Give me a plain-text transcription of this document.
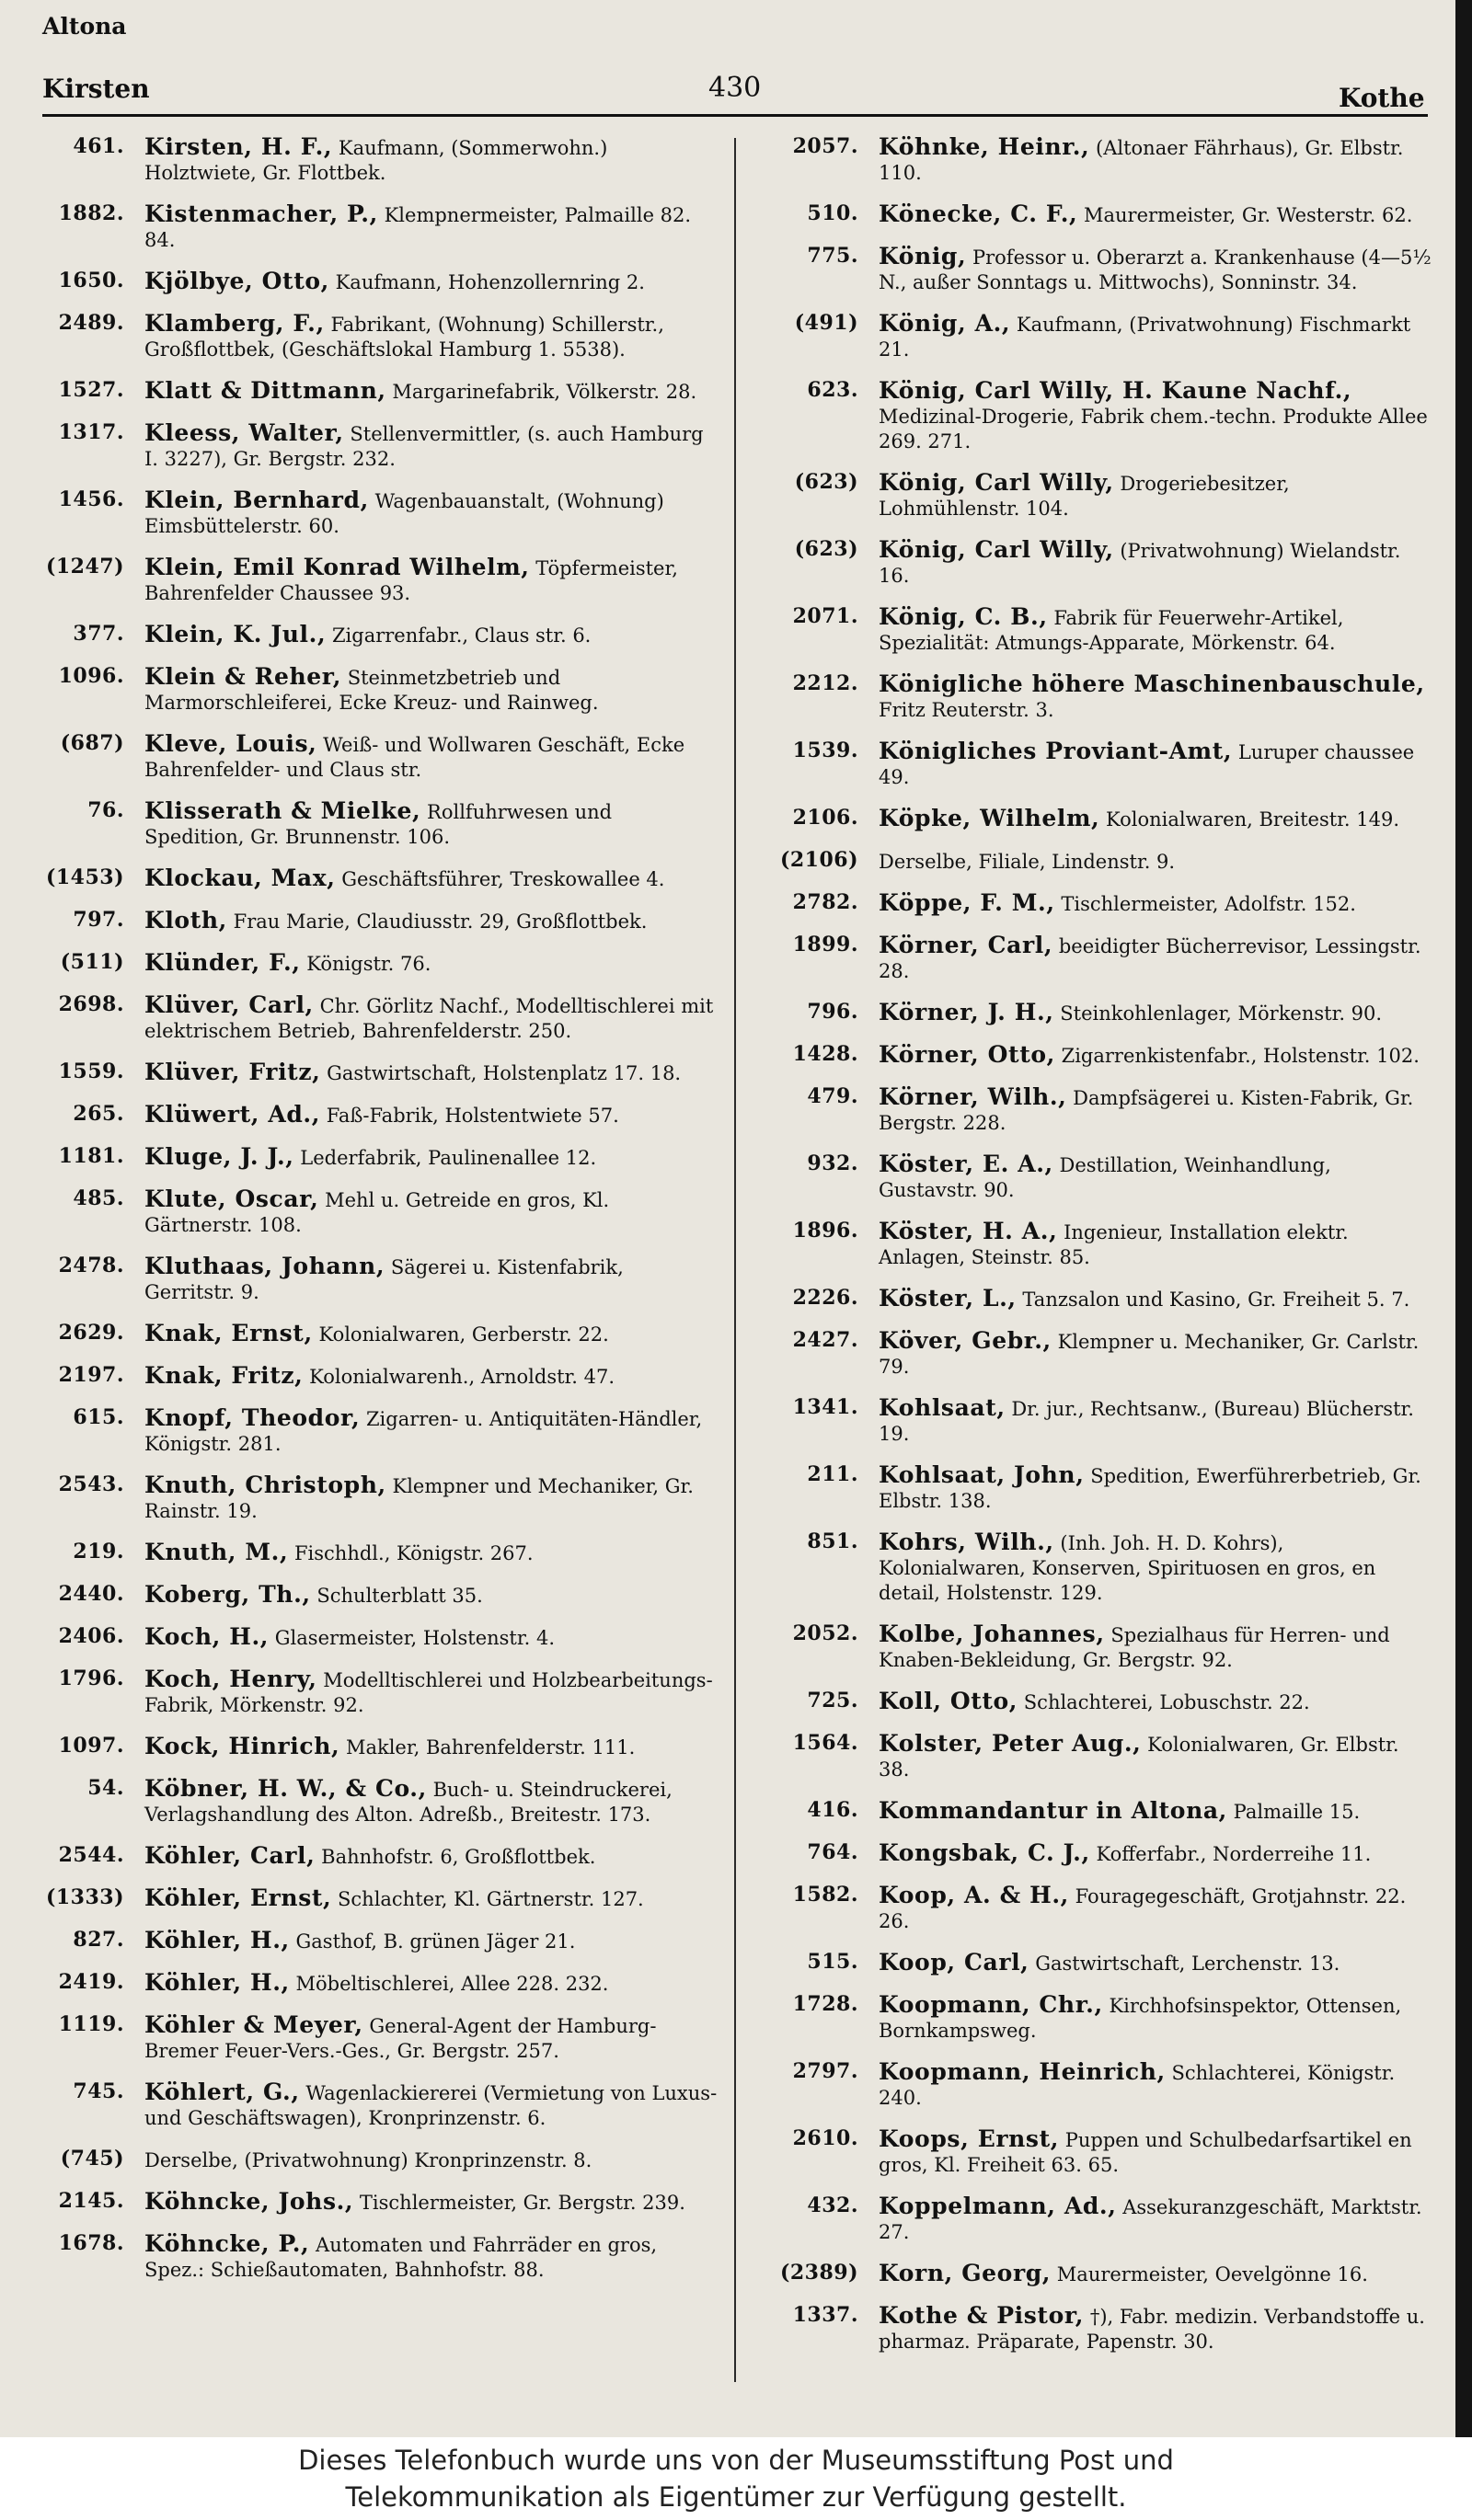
Altona
Kirsten	430	Kothe
461. Kirsten, H. F., Kaufmann, (Sommerwohn.) Holztwiete, Gr. Flottbek.
1882. Kistenmacher, P., Klempnermeister, Palmaille 82. 84.
1650. Kjölbye, Otto, Kaufmann, Hohenzollernring 2.
2489. Klamberg, F., Fabrikant, (Wohnung) Schillerstr., Großflottbek, (Geschäftslokal Hamburg 1. 5538).
1527. Klatt & Dittmann, Margarinefabrik, Völkerstr. 28.
1317. Kleess, Walter, Stellenvermittler, (s. auch Hamburg I. 3227), Gr. Bergstr. 232.
1456. Klein, Bernhard, Wagenbauanstalt, (Wohnung) Eimsbüttelerstr. 60.
(1247) Klein, Emil Konrad Wilhelm, Töpfermeister, Bahrenfelder Chaussee 93.
377. Klein, K. Jul., Zigarrenfabr., Claus str. 6.
1096. Klein & Reher, Steinmetzbetrieb und Marmorschleiferei, Ecke Kreuz- und Rainweg.
(687) Kleve, Louis, Weiß- und Wollwaren Geschäft, Ecke Bahrenfelder- und Claus str.
76. Klisserath & Mielke, Rollfuhrwesen und Spedition, Gr. Brunnenstr. 106.
(1453) Klockau, Max, Geschäftsführer, Treskowallee 4.
797. Kloth, Frau Marie, Claudiusstr. 29, Großflottbek.
(511) Klünder, F., Königstr. 76.
2698. Klüver, Carl, Chr. Görlitz Nachf., Modelltischlerei mit elektrischem Betrieb, Bahrenfelderstr. 250.
1559. Klüver, Fritz, Gastwirtschaft, Holstenplatz 17. 18.
265. Klüwert, Ad., Faß-Fabrik, Holstentwiete 57.
1181. Kluge, J. J., Lederfabrik, Paulinenallee 12.
485. Klute, Oscar, Mehl u. Getreide en gros, Kl. Gärtnerstr. 108.
2478. Kluthaas, Johann, Sägerei u. Kistenfabrik, Gerritstr. 9.
2629. Knak, Ernst, Kolonialwaren, Gerberstr. 22.
2197. Knak, Fritz, Kolonialwarenh., Arnoldstr. 47.
615. Knopf, Theodor, Zigarren- u. Antiquitäten-Händler, Königstr. 281.
2543. Knuth, Christoph, Klempner und Mechaniker, Gr. Rainstr. 19.
219. Knuth, M., Fischhdl., Königstr. 267.
2440. Koberg, Th., Schulterblatt 35.
2406. Koch, H., Glasermeister, Holstenstr. 4.
1796. Koch, Henry, Modelltischlerei und Holzbearbeitungs-Fabrik, Mörkenstr. 92.
1097. Kock, Hinrich, Makler, Bahrenfelderstr. 111.
54. Köbner, H. W., & Co., Buch- u. Steindruckerei, Verlagshandlung des Alton. Adreßb., Breitestr. 173.
2544. Köhler, Carl, Bahnhofstr. 6, Großflottbek.
(1333) Köhler, Ernst, Schlachter, Kl. Gärtnerstr. 127.
827. Köhler, H., Gasthof, B. grünen Jäger 21.
2419. Köhler, H., Möbeltischlerei, Allee 228. 232.
1119. Köhler & Meyer, General-Agent der Hamburg-Bremer Feuer-Vers.-Ges., Gr. Bergstr. 257.
745. Köhlert, G., Wagenlackiererei (Vermietung von Luxus- und Geschäftswagen), Kronprinzenstr. 6.
(745)	Derselbe, (Privatwohnung) Kronprinzenstr. 8.
2145. Köhncke, Johs., Tischlermeister, Gr. Bergstr. 239.
1678. Köhncke, P., Automaten und Fahrräder en gros, Spez.: Schießautomaten, Bahnhofstr. 88.
2057. Köhnke, Heinr., (Altonaer Fährhaus), Gr. Elbstr. 110.
510. Könecke, C. F., Maurermeister, Gr. Westerstr. 62.
775. König, Professor u. Oberarzt a. Krankenhause (4—5½ N., außer Sonntags u. Mittwochs), Sonninstr. 34.
(491) König, A., Kaufmann, (Privatwohnung) Fischmarkt 21.
623. König, Carl Willy, H. Kaune Nachf., Medizinal-Drogerie, Fabrik chem.-techn. Produkte Allee 269. 271.
(623) König, Carl Willy, Drogeriebesitzer, Lohmühlenstr. 104.
(623) König, Carl Willy, (Privatwohnung) Wielandstr. 16.
2071. König, C. B., Fabrik für Feuerwehr-Artikel, Spezialität: Atmungs-Apparate, Mörkenstr. 64.
2212. Königliche höhere Maschinenbauschule, Fritz Reuterstr. 3.
1539. Königliches Proviant-Amt, Luruper chaussee 49.
2106. Köpke, Wilhelm, Kolonialwaren, Breitestr. 149.
(2106)	Derselbe, Filiale, Lindenstr. 9.
2782. Köppe, F. M., Tischlermeister, Adolfstr. 152.
1899. Körner, Carl, beeidigter Bücherrevisor, Lessingstr. 28.
796. Körner, J. H., Steinkohlenlager, Mörkenstr. 90.
1428. Körner, Otto, Zigarrenkistenfabr., Holstenstr. 102.
479. Körner, Wilh., Dampfsägerei u. Kisten-Fabrik, Gr. Bergstr. 228.
932. Köster, E. A., Destillation, Weinhandlung, Gustavstr. 90.
1896. Köster, H. A., Ingenieur, Installation elektr. Anlagen, Steinstr. 85.
2226. Köster, L., Tanzsalon und Kasino, Gr. Freiheit 5. 7.
2427. Köver, Gebr., Klempner u. Mechaniker, Gr. Carlstr. 79.
1341. Kohlsaat, Dr. jur., Rechtsanw., (Bureau) Blücherstr. 19.
211. Kohlsaat, John, Spedition, Ewerführerbetrieb, Gr. Elbstr. 138.
851. Kohrs, Wilh., (Inh. Joh. H. D. Kohrs), Kolonialwaren, Konserven, Spirituosen en gros, en detail, Holstenstr. 129.
2052. Kolbe, Johannes, Spezialhaus für Herren- und Knaben-Bekleidung, Gr. Bergstr. 92.
725. Koll, Otto, Schlachterei, Lobuschstr. 22.
1564. Kolster, Peter Aug., Kolonialwaren, Gr. Elbstr. 38.
416. Kommandantur in Altona, Palmaille 15.
764. Kongsbak, C. J., Kofferfabr., Norderreihe 11.
1582. Koop, A. & H., Fouragegeschäft, Grotjahnstr. 22. 26.
515. Koop, Carl, Gastwirtschaft, Lerchenstr. 13.
1728. Koopmann, Chr., Kirchhofsinspektor, Ottensen, Bornkampsweg.
2797. Koopmann, Heinrich, Schlachterei, Königstr. 240.
2610. Koops, Ernst, Puppen und Schulbedarfsartikel en gros, Kl. Freiheit 63. 65.
432. Koppelmann, Ad., Assekuranzgeschäft, Marktstr. 27.
(2389) Korn, Georg, Maurermeister, Oevelgönne 16.
1337. Kothe & Pistor, †), Fabr. medizin. Verbandstoffe u. pharmaz. Präparate, Papenstr. 30.
Dieses Telefonbuch wurde uns von der Museumsstiftung Post und
Telekommunikation als Eigentümer zur Verfügung gestellt.
